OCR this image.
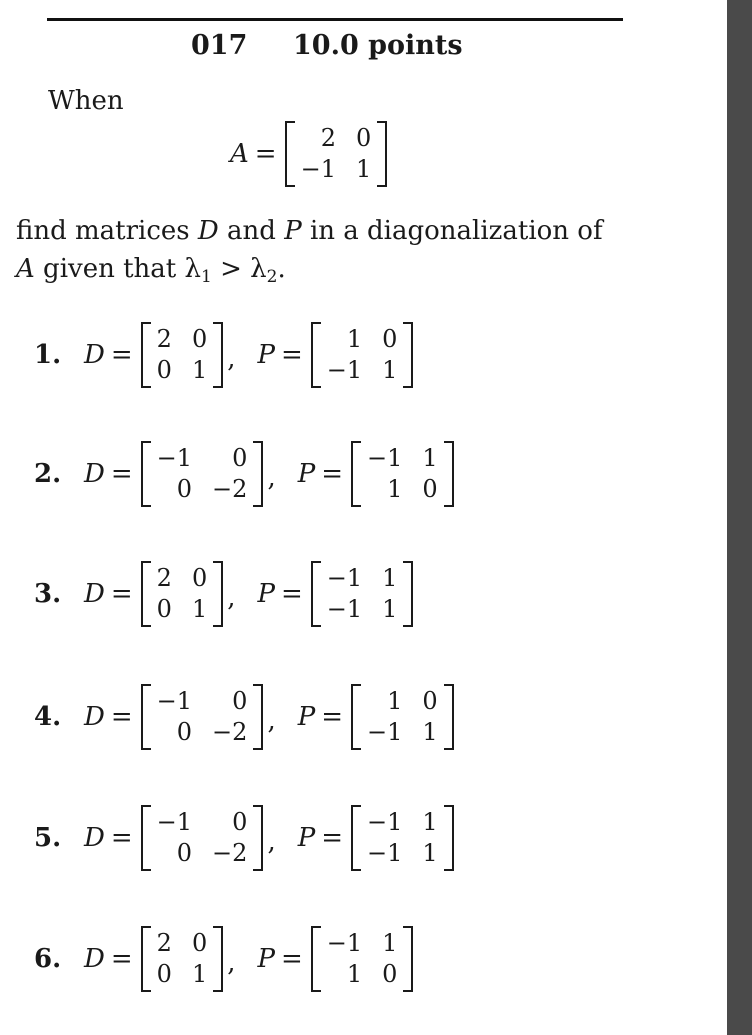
017 10.0 points
When
A =
2 0
−1 1
find matrices D and P in a diagonalization of
A given that $\lambda_1 > \lambda_2$.
1. D =
2 0
0 1 , P =
1 0
−1 1
2. D =
−1	0
0 −2 , P =
−1 1
1 0
3. D =
2 0
0 1 , P =
−1 1
−1 1
4. D =
−1	0
0 −2 , P =
1 0
−1 1
5. D =
−1	0
0 −2 , P =
−1 1
−1 1
6. D =
2 0
0 1 , P =
−1 1
1 0
